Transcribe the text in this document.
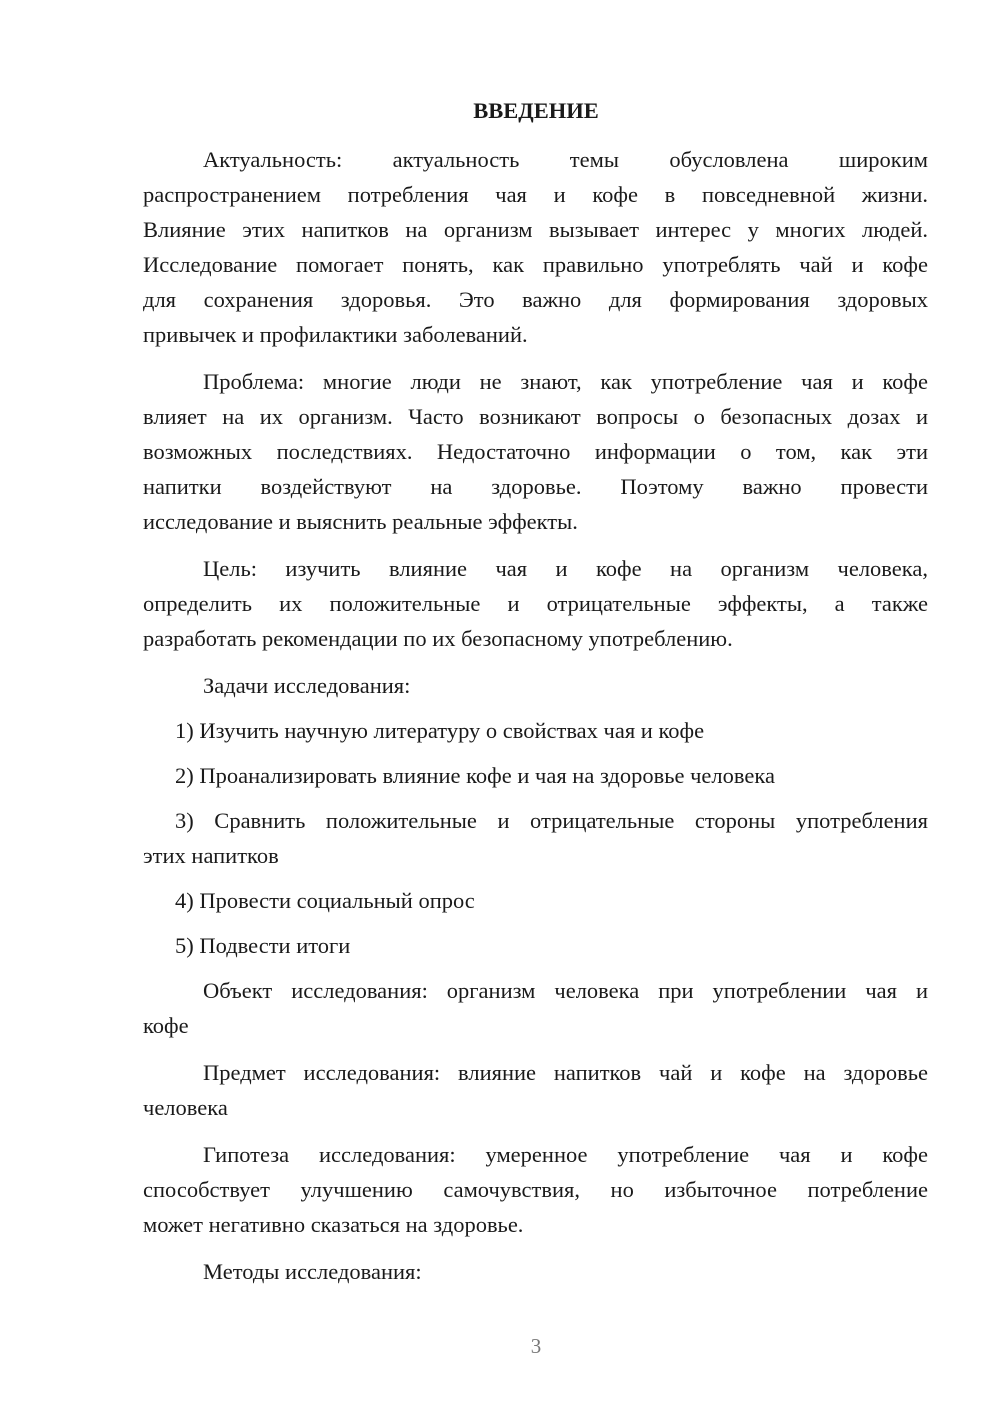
ВВЕДЕНИЕ
Актуальность: актуальность темы обусловлена широким
распространением потребления чая и кофе в повседневной жизни.
Влияние этих напитков на организм вызывает интерес у многих людей.
Исследование помогает понять, как правильно употреблять чай и кофе
для сохранения здоровья. Это важно для формирования здоровых
привычек и профилактики заболеваний.
Проблема: многие люди не знают, как употребление чая и кофе
влияет на их организм. Часто возникают вопросы о безопасных дозах и
возможных последствиях. Недостаточно информации о том, как эти
напитки воздействуют на здоровье. Поэтому важно провести
исследование и выяснить реальные эффекты.
Цель: изучить влияние чая и кофе на организм человека,
определить их положительные и отрицательные эффекты, а также
разработать рекомендации по их безопасному употреблению.
Задачи исследования:
1) Изучить научную литературу о свойствах чая и кофе
2) Проанализировать влияние кофе и чая на здоровье человека
3) Сравнить положительные и отрицательные стороны употребления
этих напитков
4) Провести социальный опрос
5) Подвести итоги
Объект исследования: организм человека при употреблении чая и
кофе
Предмет исследования: влияние напитков чай и кофе на здоровье
человека
Гипотеза исследования: умеренное употребление чая и кофе
способствует улучшению самочувствия, но избыточное потребление
может негативно сказаться на здоровье.
Методы исследования:
3
